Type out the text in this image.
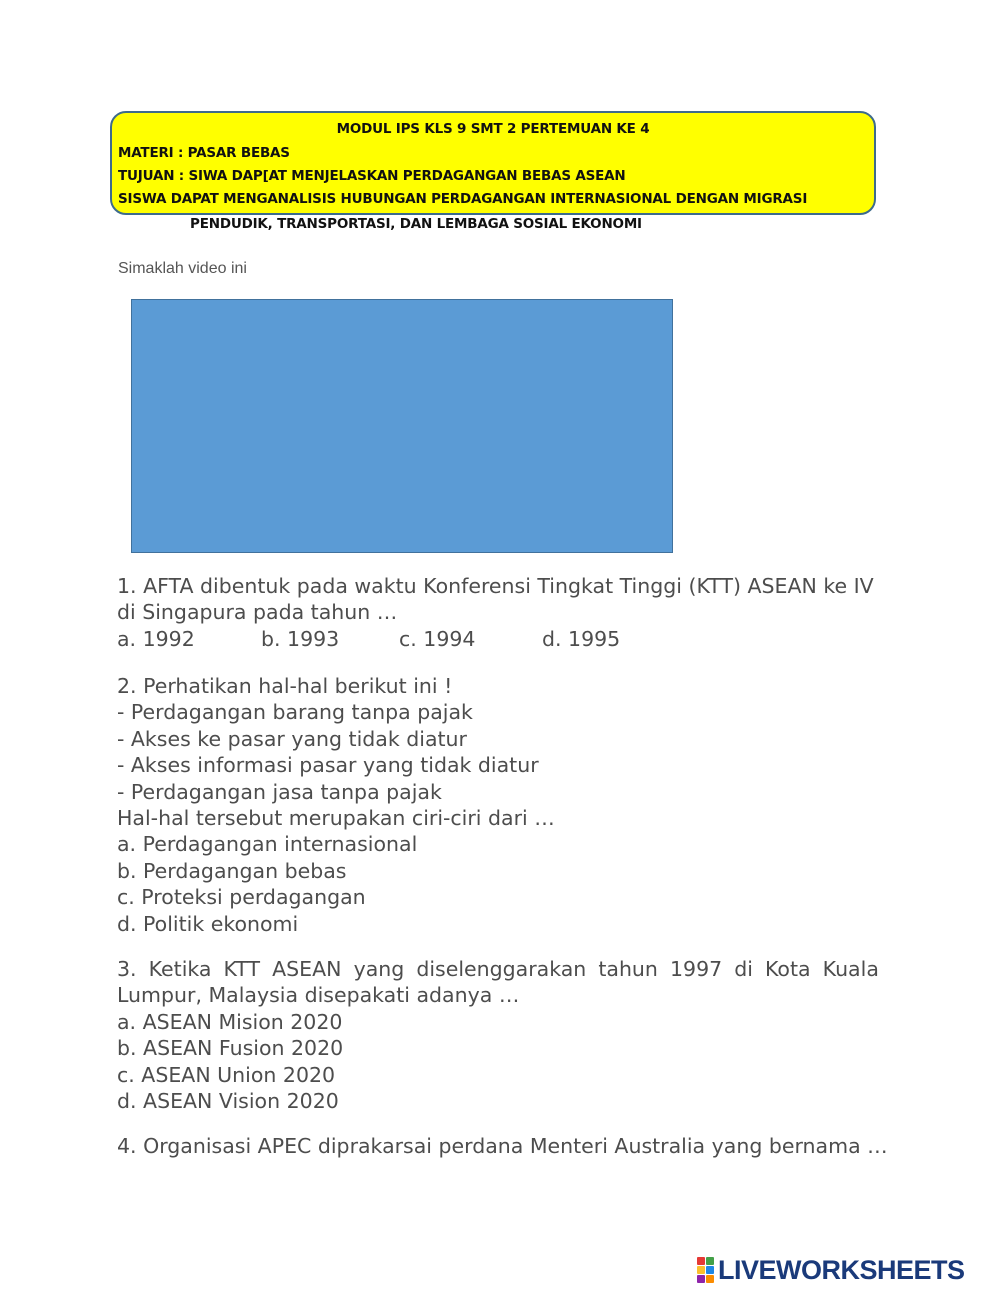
MODUL IPS KLS 9 SMT 2 PERTEMUAN KE 4
MATERI : PASAR BEBAS
TUJUAN : SIWA DAP[AT MENJELASKAN PERDAGANGAN BEBAS ASEAN
SISWA DAPAT MENGANALISIS HUBUNGAN PERDAGANGAN INTERNASIONAL DENGAN MIGRASI
PENDUDIK, TRANSPORTASI, DAN LEMBAGA SOSIAL EKONOMI
Simaklah video ini
1. AFTA dibentuk pada waktu Konferensi Tingkat Tinggi (KTT) ASEAN ke IV
di Singapura pada tahun …
a. 1992	b. 1993	c. 1994	d. 1995
2. Perhatikan hal-hal berikut ini !
- Perdagangan barang tanpa pajak
- Akses ke pasar yang tidak diatur
- Akses informasi pasar yang tidak diatur
- Perdagangan jasa tanpa pajak
Hal-hal tersebut merupakan ciri-ciri dari …
a. Perdagangan internasional
b. Perdagangan bebas
c. Proteksi perdagangan
d. Politik ekonomi
3. Ketika KTT ASEAN yang diselenggarakan tahun 1997 di Kota Kuala
Lumpur, Malaysia disepakati adanya …
a. ASEAN Mision 2020
b. ASEAN Fusion 2020
c. ASEAN Union 2020
d. ASEAN Vision 2020
4. Organisasi APEC diprakarsai perdana Menteri Australia yang bernama …
LIVEWORKSHEETS
